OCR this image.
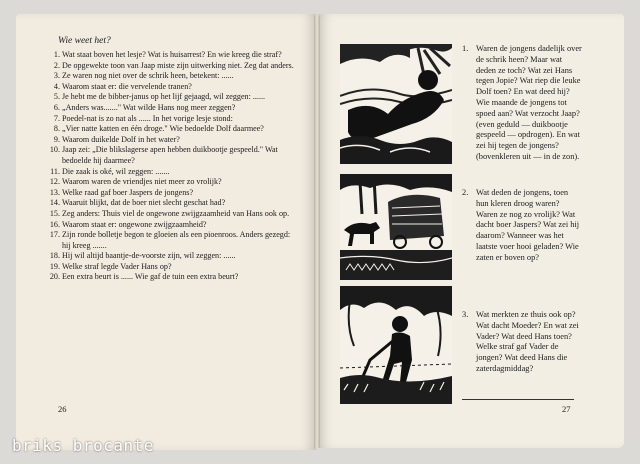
Wie weet het?
1. Wat staat boven het lesje? Wat is huisarrest? En wie kreeg die straf?
2. De opgewekte toon van Jaap miste zijn uitwerking niet. Zeg dat anders.
3. Ze waren nog niet over de schrik heen, betekent: ......
4. Waarom staat er: die vervelende tranen?
5. Je hebt me de bibber-janus op het lijf gejaagd, wil zeggen: ......
6. „Anders was......." Wat wilde Hans nog meer zeggen?
7. Poedel-nat is zo nat als ...... In het vorige lesje stond:
8. „Vier natte katten en één droge." Wie bedoelde Dolf daarmee?
9. Waarom duikelde Dolf in het water?
10. Jaap zei: „Die blikslagerse apen hebben duikbootje gespeeld." Wat bedoelde hij daarmee?
11. Die zaak is oké, wil zeggen: .......
12. Waarom waren de vriendjes niet meer zo vrolijk?
13. Welke raad gaf boer Jaspers de jongens?
14. Waaruit blijkt, dat de boer niet slecht geschat had?
15. Zeg anders: Thuis viel de ongewone zwijgzaamheid van Hans ook op.
16. Waarom staat er: ongewone zwijgzaamheid?
17. Zijn ronde bolletje begon te gloeien als een pioenroos. Anders gezegd: hij kreeg .......
18. Hij wil altijd baantje-de-voorste zijn, wil zeggen: ......
19. Welke straf legde Vader Hans op?
20. Een extra beurt is ...... Wie gaf de tuin een extra beurt?
26	27
1. Waren de jongens dadelijk over de schrik heen? Maar wat deden ze toch? Wat zei Hans tegen Jopie? Wat riep die leuke Dolf toen? En wat deed hij? Wie maande de jongens tot spoed aan? Wat verzocht Jaap? (even geduld — duikbootje gespeeld — opdrogen). En wat zei hij tegen de jongens? (bovenkleren uit — in de zon).
2. Wat deden de jongens, toen hun kleren droog waren? Waren ze nog zo vrolijk? Wat dacht boer Jaspers? Wat zei hij daarom? Wanneer was het laatste voer hooi geladen? Wie zaten er boven op?
3. Wat merkten ze thuis ook op? Wat dacht Moeder? En wat zei Vader? Wat deed Hans toen? Welke straf gaf Vader de jongen? Wat deed Hans die zaterdagmiddag?
briks brocante
